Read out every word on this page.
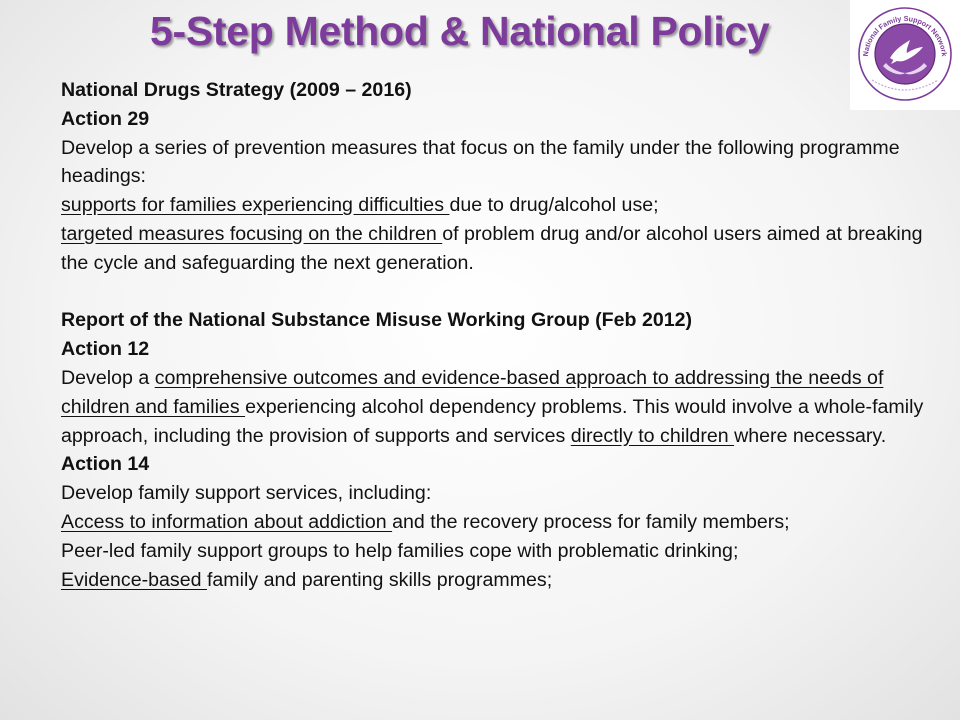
5-Step Method & National Policy	National Family Support Network

National Drugs Strategy (2009 – 2016)

Action 29

Develop a series of prevention measures that focus on the family under the following programme headings:

supports for families experiencing difficulties due to drug/alcohol use;

targeted measures focusing on the children of problem drug and/or alcohol users aimed at breaking the cycle and safeguarding the next generation.

Report of the National Substance Misuse Working Group (Feb 2012)

Action 12

Develop a comprehensive outcomes and evidence-based approach to addressing the needs of children and families experiencing alcohol dependency problems. This would involve a whole-family approach, including the provision of supports and services directly to children where necessary.

Action 14

Develop family support services, including:

Access to information about addiction and the recovery process for family members;

Peer-led family support groups to help families cope with problematic drinking;

Evidence-based family and parenting skills programmes;
